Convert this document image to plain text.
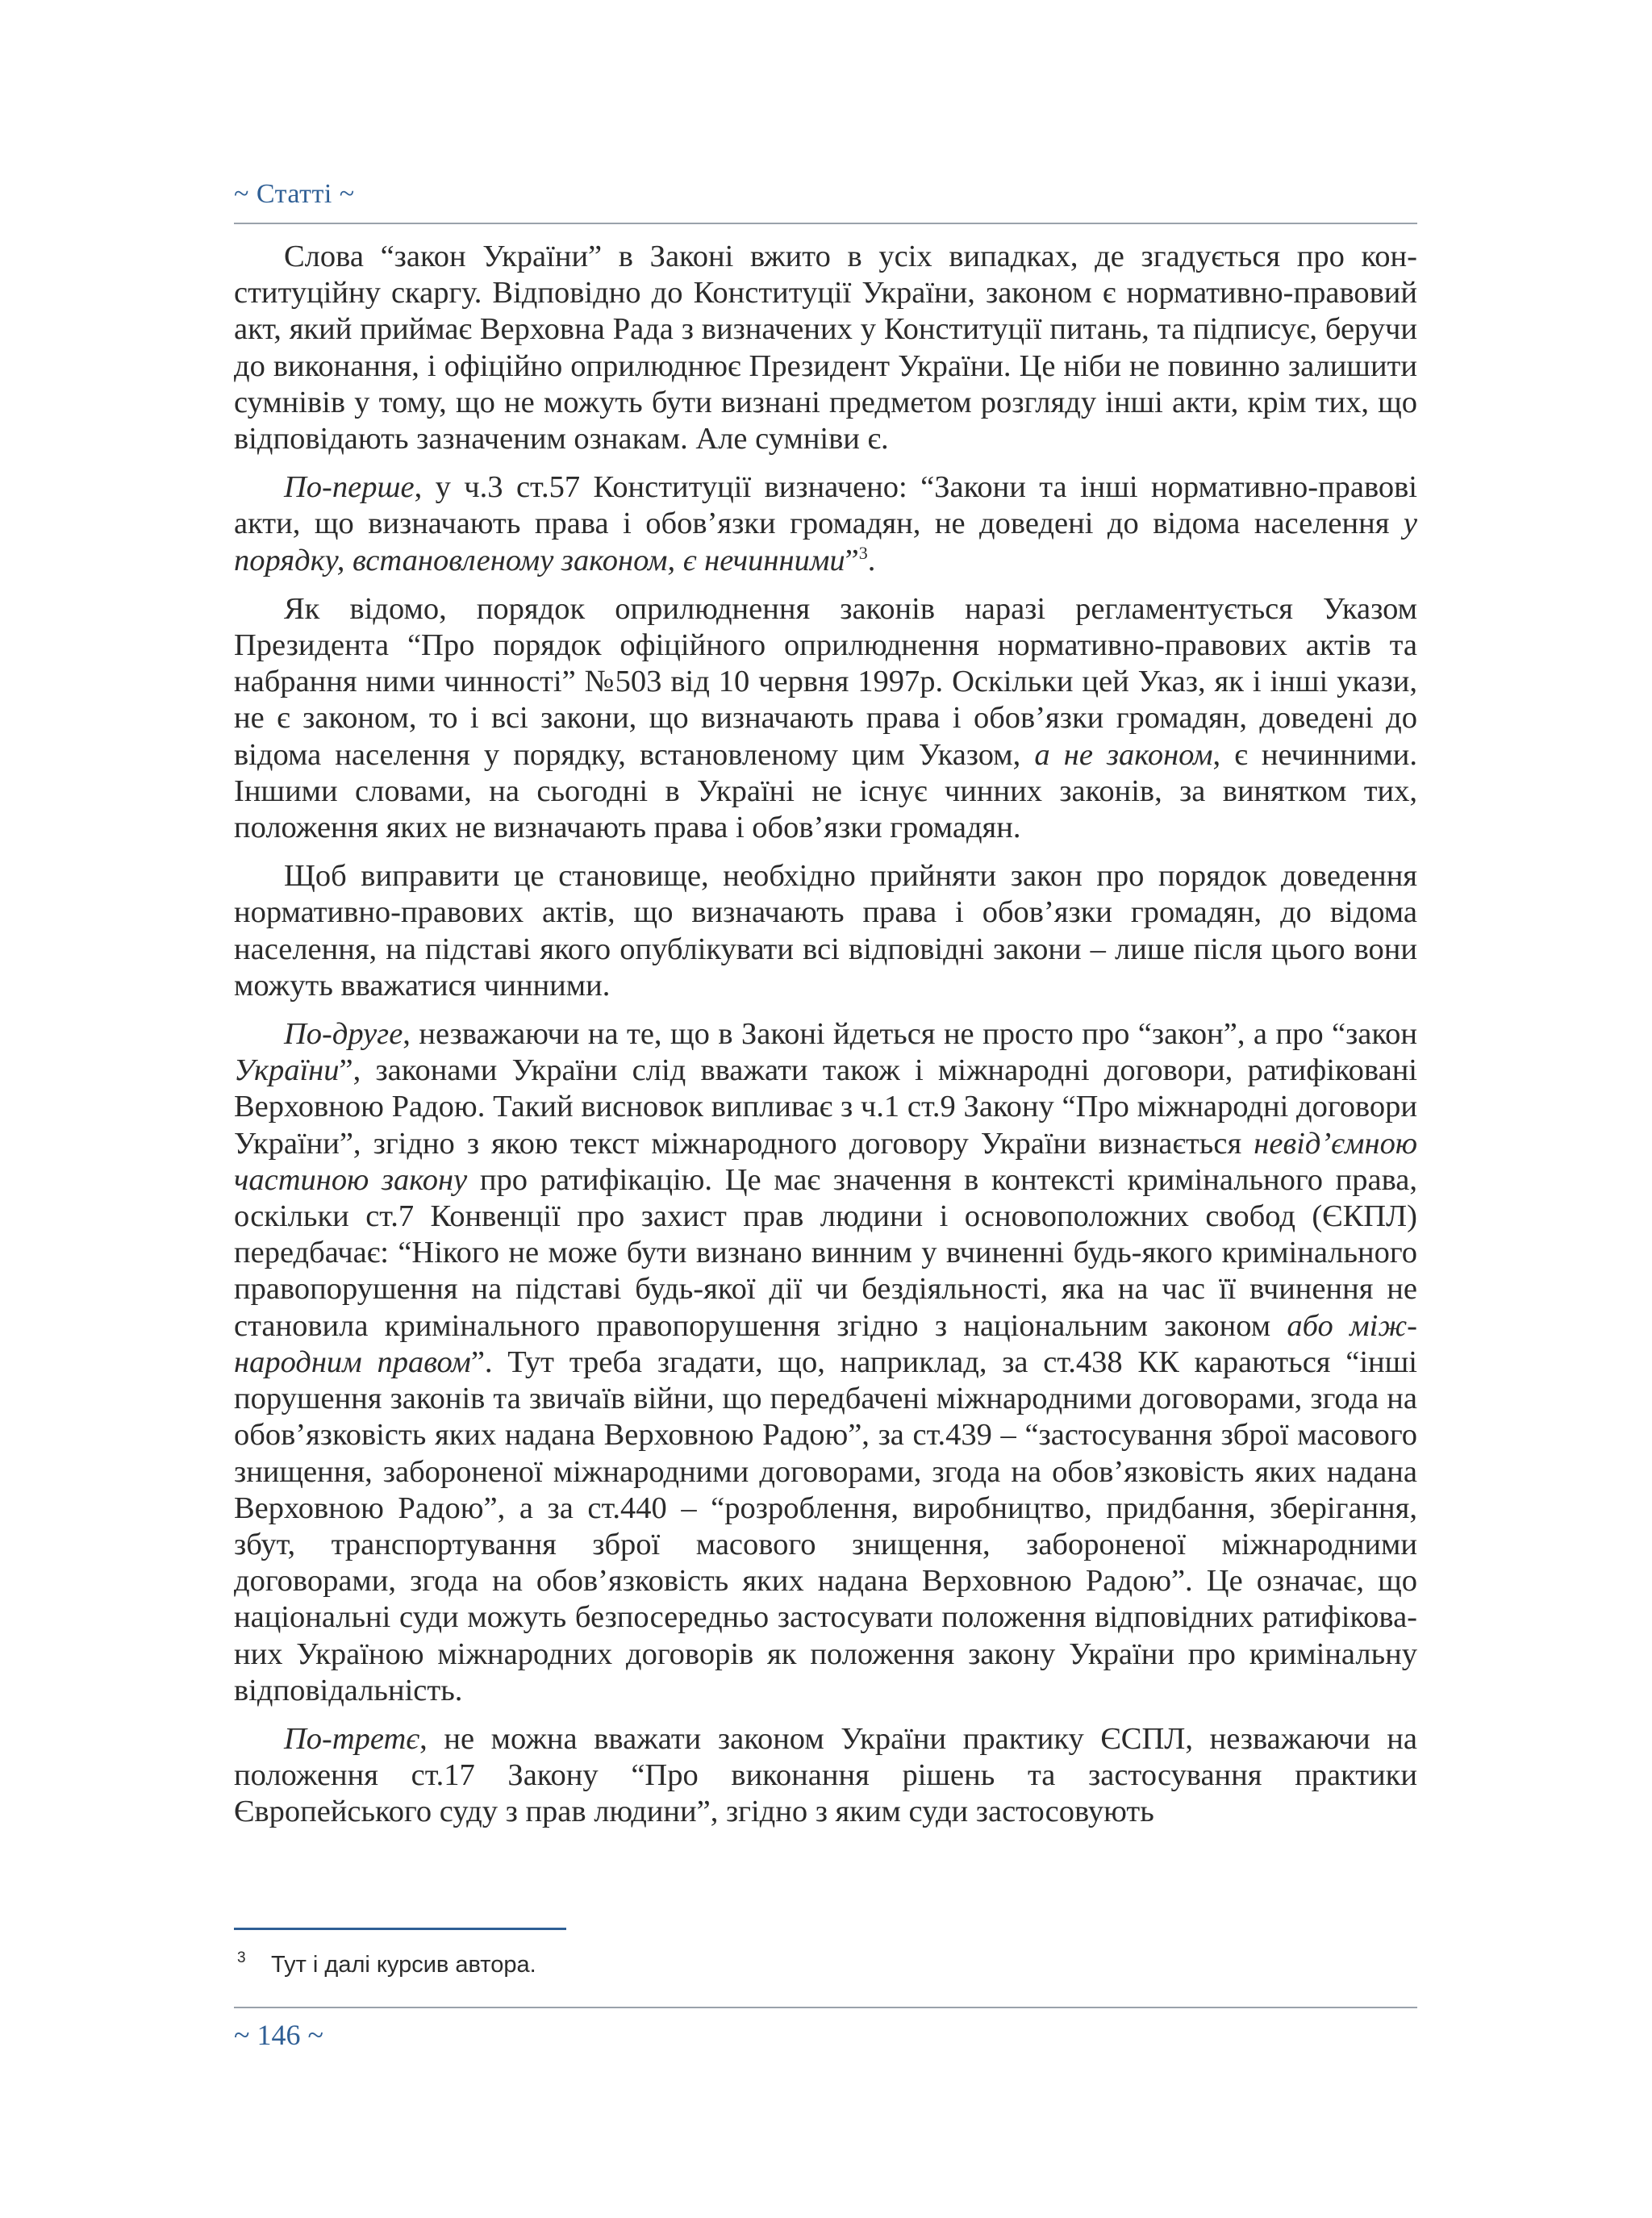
~ Статті ~

Слова “закон України” в Законі вжито в усіх випадках, де згадується про конституційну скаргу. Відповідно до Конституції України, законом є нормативно-правовий акт, який приймає Верховна Рада з визначених у Конституції питань, та підписує, беручи до виконання, і офіційно оприлюднює Президент України. Це ніби не повинно залишити сумнівів у тому, що не можуть бути визнані предметом розгляду інші акти, крім тих, що відповідають зазначеним ознакам. Але сумніви є.

По-перше, у ч.3 ст.57 Конституції визначено: “Закони та інші нормативно-правові акти, що визначають права і обов’язки громадян, не доведені до відома населення у порядку, встановленому законом, є нечинними”$^3$.

Як відомо, порядок оприлюднення законів наразі регламентується Указом Президента “Про порядок офіційного оприлюднення нормативно-правових актів та набрання ними чинності” №503 від 10 червня 1997р. Оскільки цей Указ, як і інші укази, не є законом, то і всі закони, що визначають права і обов’язки громадян, доведені до відома населення у порядку, встановленому цим Указом, а не законом, є нечинними. Іншими словами, на сьогодні в Україні не існує чинних законів, за винятком тих, положення яких не визначають права і обов’язки громадян.

Щоб виправити це становище, необхідно прийняти закон про порядок доведення нормативно-правових актів, що визначають права і обов’язки громадян, до відома населення, на підставі якого опублікувати всі відповідні закони – лише після цього вони можуть вважатися чинними.

По-друге, незважаючи на те, що в Законі йдеться не просто про “закон”, а про “закон України”, законами України слід вважати також і міжнародні договори, ратифіковані Верховною Радою. Такий висновок випливає з ч.1 ст.9 Закону “Про міжнародні договори України”, згідно з якою текст міжнародного договору України визнається невід’ємною частиною закону про ратифікацію. Це має значення в контексті кримінального права, оскільки ст.7 Конвенції про захист прав людини і основоположних свобод (ЄКПЛ) передбачає: “Нікого не може бути визнано винним у вчиненні будь-якого кримінального правопорушення на підставі будь-якої дії чи бездіяльності, яка на час її вчинення не становила кримінального правопорушення згідно з національним законом або міжнародним правом”. Тут треба згадати, що, наприклад, за ст.438 КК караються “інші порушення законів та звичаїв війни, що передбачені міжнародними договорами, згода на обов’язковість яких надана Верховною Радою”, за ст.439 – “застосування зброї масового знищення, забороненої міжнародними договорами, згода на обов’язковість яких надана Верховною Радою”, а за ст.440 – “розроблення, виробництво, придбання, зберігання, збут, транспортування зброї масового знищення, забороненої міжнародними договорами, згода на обов’язковість яких надана Верховною Радою”. Це означає, що національні суди можуть безпосередньо застосувати положення відповідних ратифікованих Україною міжнародних договорів як положення закону України про кримінальну відповідальність.

По-третє, не можна вважати законом України практику ЄСПЛ, незважаючи на положення ст.17 Закону “Про виконання рішень та застосування практики Європейського суду з прав людини”, згідно з яким суди застосовують

3 Тут і далі курсив автора.
~ 146 ~
